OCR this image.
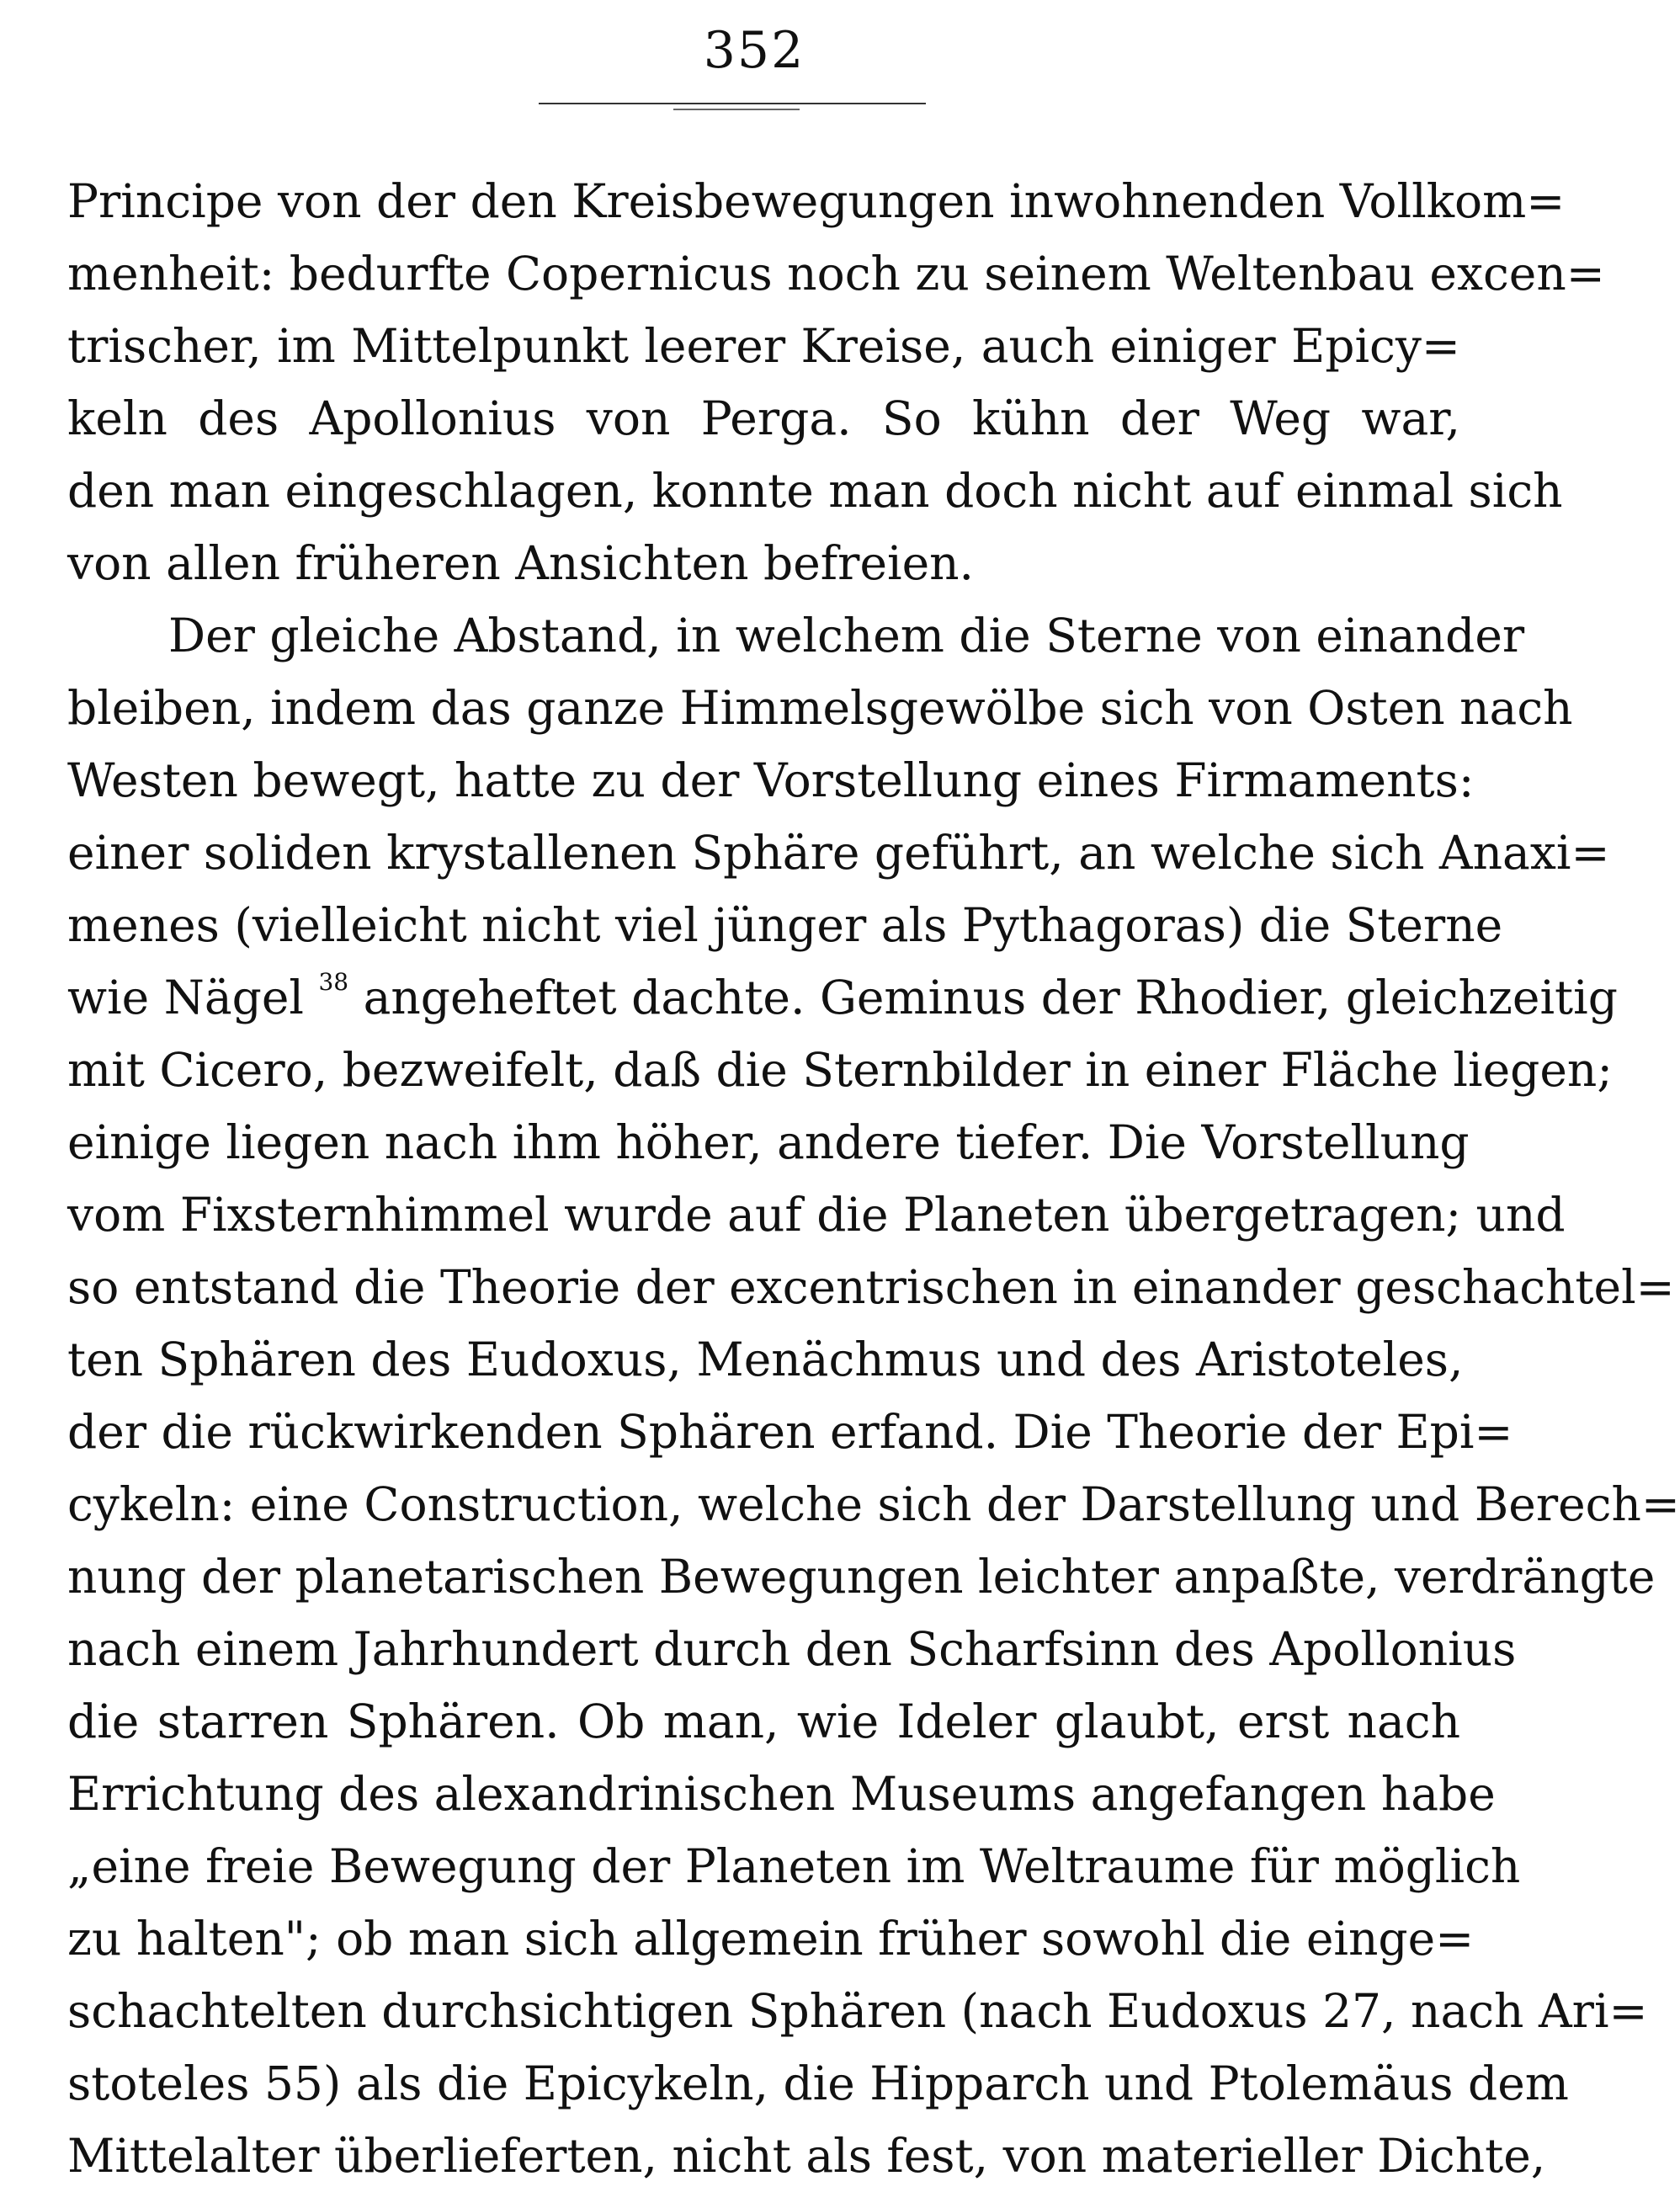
352
Principe von der den Kreisbewegungen inwohnenden Vollkom=
menheit: bedurfte Copernicus noch zu seinem Weltenbau excen=
trischer, im Mittelpunkt leerer Kreise, auch einiger Epicy=
keln des Apollonius von Perga. So kühn der Weg war,
den man eingeschlagen, konnte man doch nicht auf einmal sich
von allen früheren Ansichten befreien.
Der gleiche Abstand, in welchem die Sterne von einander
bleiben, indem das ganze Himmelsgewölbe sich von Osten nach
Westen bewegt, hatte zu der Vorstellung eines Firmaments:
einer soliden krystallenen Sphäre geführt, an welche sich Anaxi=
menes (vielleicht nicht viel jünger als Pythagoras) die Sterne
wie Nägel $^{38}$ angeheftet dachte. Geminus der Rhodier, gleichzeitig
mit Cicero, bezweifelt, daß die Sternbilder in einer Fläche liegen;
einige liegen nach ihm höher, andere tiefer. Die Vorstellung
vom Fixsternhimmel wurde auf die Planeten übergetragen; und
so entstand die Theorie der excentrischen in einander geschachtel=
ten Sphären des Eudoxus, Menächmus und des Aristoteles,
der die rückwirkenden Sphären erfand. Die Theorie der Epi=
cykeln: eine Construction, welche sich der Darstellung und Berech=
nung der planetarischen Bewegungen leichter anpaßte, verdrängte
nach einem Jahrhundert durch den Scharfsinn des Apollonius
die starren Sphären. Ob man, wie Ideler glaubt, erst nach
Errichtung des alexandrinischen Museums angefangen habe
„eine freie Bewegung der Planeten im Weltraume für möglich
zu halten"; ob man sich allgemein früher sowohl die einge=
schachtelten durchsichtigen Sphären (nach Eudoxus 27, nach Ari=
stoteles 55) als die Epicykeln, die Hipparch und Ptolemäus dem
Mittelalter überlieferten, nicht als fest, von materieller Dichte,
